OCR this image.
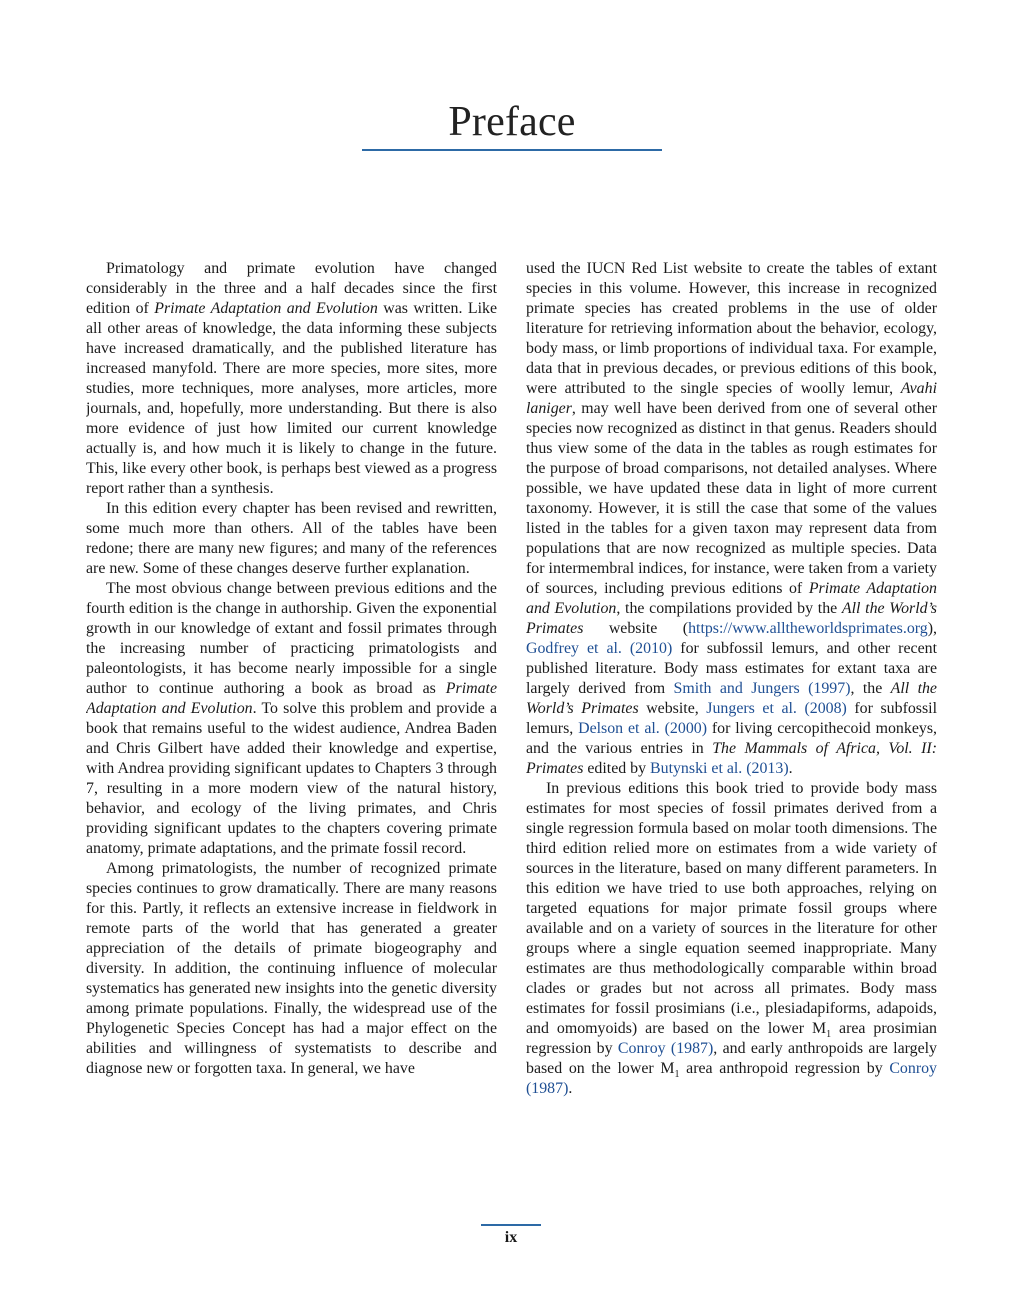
Preface

Primatology and primate evolution have changed considerably in the three and a half decades since the first edition of Primate Adaptation and Evolution was written. Like all other areas of knowledge, the data informing these subjects have increased dramatically, and the published literature has increased manyfold. There are more species, more sites, more studies, more techniques, more analyses, more articles, more journals, and, hopefully, more understanding. But there is also more evidence of just how limited our current knowledge actually is, and how much it is likely to change in the future. This, like every other book, is perhaps best viewed as a progress report rather than a synthesis.

In this edition every chapter has been revised and rewritten, some much more than others. All of the tables have been redone; there are many new figures; and many of the references are new. Some of these changes deserve further explanation.

The most obvious change between previous editions and the fourth edition is the change in authorship. Given the exponential growth in our knowledge of extant and fossil primates through the increasing number of practicing primatologists and paleontologists, it has become nearly impossible for a single author to continue authoring a book as broad as Primate Adaptation and Evolution. To solve this problem and provide a book that remains useful to the widest audience, Andrea Baden and Chris Gilbert have added their knowledge and expertise, with Andrea providing significant updates to Chapters 3 through 7, resulting in a more modern view of the natural history, behavior, and ecology of the living primates, and Chris providing significant updates to the chapters covering primate anatomy, primate adaptations, and the primate fossil record.

Among primatologists, the number of recognized primate species continues to grow dramatically. There are many reasons for this. Partly, it reflects an extensive increase in fieldwork in remote parts of the world that has generated a greater appreciation of the details of primate biogeography and diversity. In addition, the continuing influence of molecular systematics has generated new insights into the genetic diversity among primate populations. Finally, the widespread use of the Phylogenetic Species Concept has had a major effect on the abilities and willingness of systematists to describe and diagnose new or forgotten taxa. In general, we have

used the IUCN Red List website to create the tables of extant species in this volume. However, this increase in recognized primate species has created problems in the use of older literature for retrieving information about the behavior, ecology, body mass, or limb proportions of individual taxa. For example, data that in previous decades, or previous editions of this book, were attributed to the single species of woolly lemur, Avahi laniger, may well have been derived from one of several other species now recognized as distinct in that genus. Readers should thus view some of the data in the tables as rough estimates for the purpose of broad comparisons, not detailed analyses. Where possible, we have updated these data in light of more current taxonomy. However, it is still the case that some of the values listed in the tables for a given taxon may represent data from populations that are now recognized as multiple species. Data for intermembral indices, for instance, were taken from a variety of sources, including previous editions of Primate Adaptation and Evolution, the compilations provided by the All the World’s Primates website (https://www.alltheworldsprimates.org), Godfrey et al. (2010) for subfossil lemurs, and other recent published literature. Body mass estimates for extant taxa are largely derived from Smith and Jungers (1997), the All the World’s Primates website, Jungers et al. (2008) for subfossil lemurs, Delson et al. (2000) for living cercopithecoid monkeys, and the various entries in The Mammals of Africa, Vol. II: Primates edited by Butynski et al. (2013).

In previous editions this book tried to provide body mass estimates for most species of fossil primates derived from a single regression formula based on molar tooth dimensions. The third edition relied more on estimates from a wide variety of sources in the literature, based on many different parameters. In this edition we have tried to use both approaches, relying on targeted equations for major primate fossil groups where available and on a variety of sources in the literature for other groups where a single equation seemed inappropriate. Many estimates are thus methodologically comparable within broad clades or grades but not across all primates. Body mass estimates for fossil prosimians (i.e., plesiadapiforms, adapoids, and omomyoids) are based on the lower $M_1$ area prosimian regression by Conroy (1987), and early anthropoids are largely based on the lower $M_1$ area anthropoid regression by Conroy (1987).

ix
